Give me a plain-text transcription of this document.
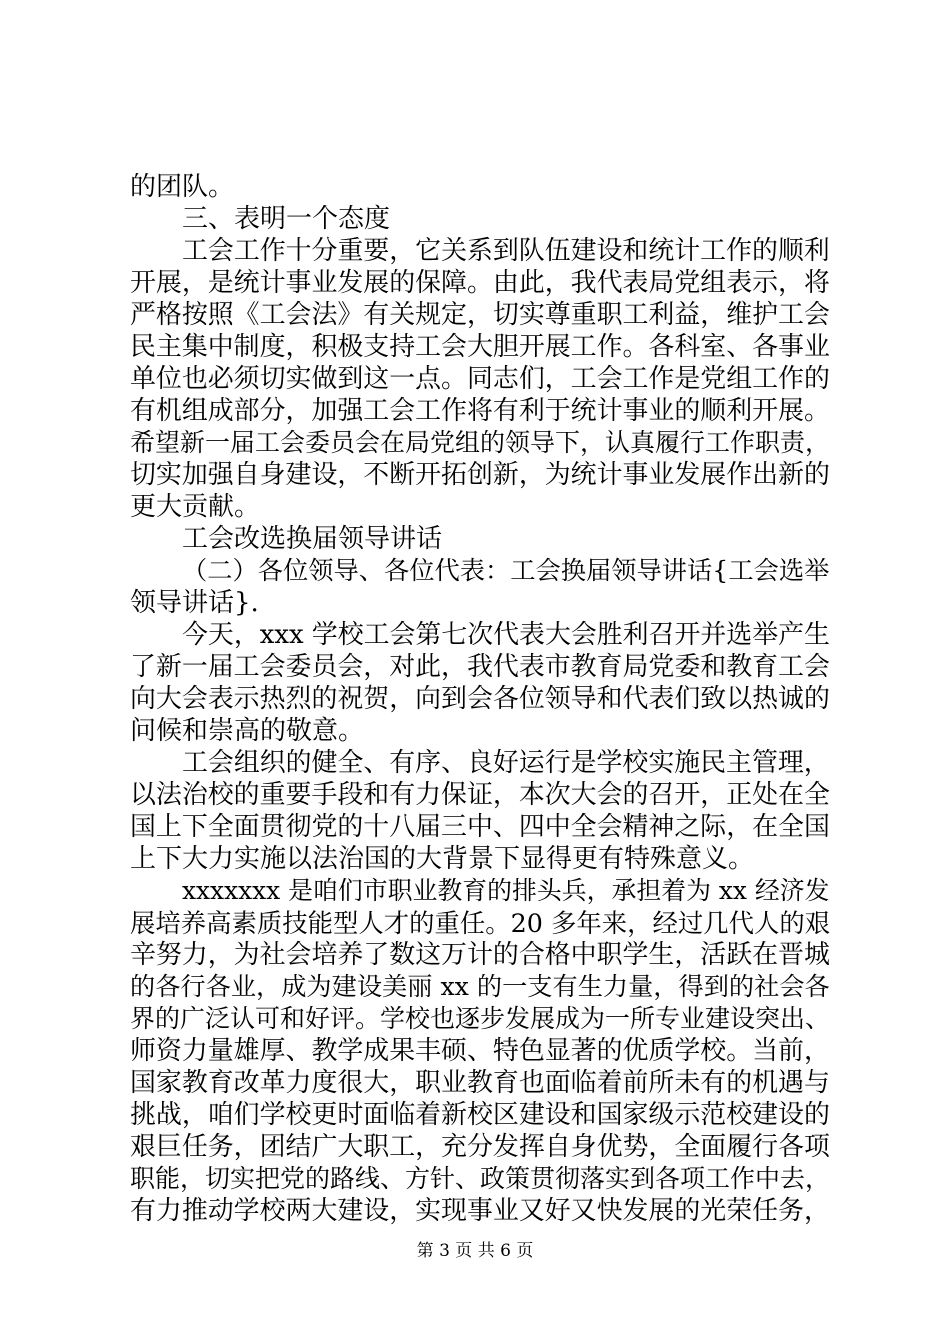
的团队。
三、表明一个态度
工会工作十分重要，它关系到队伍建设和统计工作的顺利
开展，是统计事业发展的保障。由此，我代表局党组表示，将
严格按照《工会法》有关规定，切实尊重职工利益，维护工会
民主集中制度，积极支持工会大胆开展工作。各科室、各事业
单位也必须切实做到这一点。同志们，工会工作是党组工作的
有机组成部分，加强工会工作将有利于统计事业的顺利开展。
希望新一届工会委员会在局党组的领导下，认真履行工作职责，
切实加强自身建设，不断开拓创新，为统计事业发展作出新的
更大贡献。
工会改选换届领导讲话
（二）各位领导、各位代表：工会换届领导讲话{工会选举
领导讲话}.
今天，xxx 学校工会第七次代表大会胜利召开并选举产生
了新一届工会委员会，对此，我代表市教育局党委和教育工会
向大会表示热烈的祝贺，向到会各位领导和代表们致以热诚的
问候和崇高的敬意。
工会组织的健全、有序、良好运行是学校实施民主管理，
以法治校的重要手段和有力保证，本次大会的召开，正处在全
国上下全面贯彻党的十八届三中、四中全会精神之际，在全国
上下大力实施以法治国的大背景下显得更有特殊意义。
xxxxxxx 是咱们市职业教育的排头兵，承担着为 xx 经济发
展培养高素质技能型人才的重任。20 多年来，经过几代人的艰
辛努力，为社会培养了数这万计的合格中职学生，活跃在晋城
的各行各业，成为建设美丽 xx 的一支有生力量，得到的社会各
界的广泛认可和好评。学校也逐步发展成为一所专业建设突出、
师资力量雄厚、教学成果丰硕、特色显著的优质学校。当前，
国家教育改革力度很大，职业教育也面临着前所未有的机遇与
挑战，咱们学校更时面临着新校区建设和国家级示范校建设的
艰巨任务，团结广大职工，充分发挥自身优势，全面履行各项
职能，切实把党的路线、方针、政策贯彻落实到各项工作中去，
有力推动学校两大建设，实现事业又好又快发展的光荣任务，
第 3 页 共 6 页
